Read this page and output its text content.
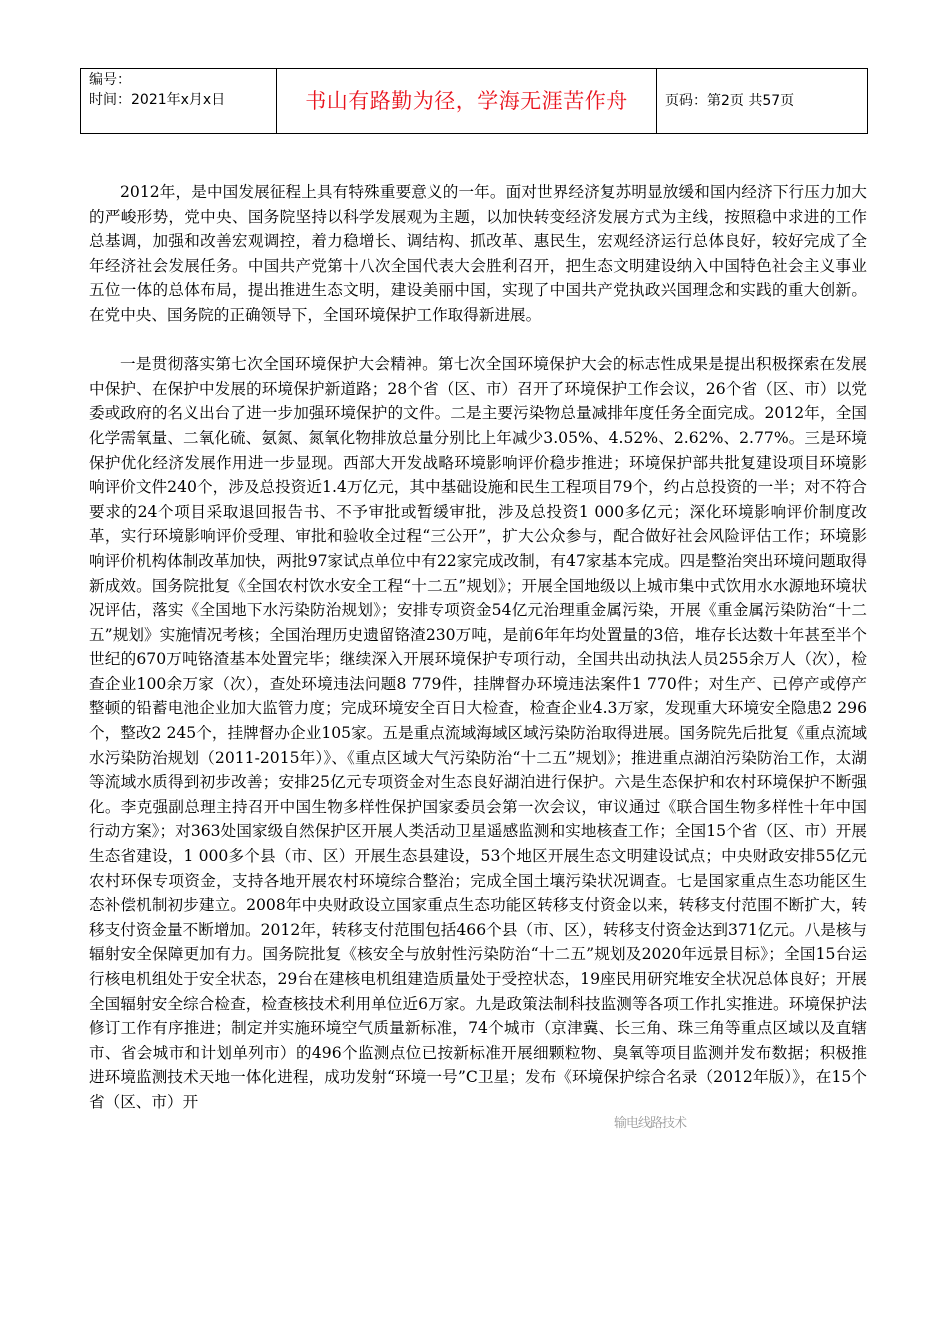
编号：
时间：2021年x月x日	书山有路勤为径，学海无涯苦作舟	页码：第2页 共57页

2012年，是中国发展征程上具有特殊重要意义的一年。面对世界经济复苏明显放缓和国内经济下行压力加大的严峻形势，党中央、国务院坚持以科学发展观为主题，以加快转变经济发展方式为主线，按照稳中求进的工作总基调，加强和改善宏观调控，着力稳增长、调结构、抓改革、惠民生，宏观经济运行总体良好，较好完成了全年经济社会发展任务。中国共产党第十八次全国代表大会胜利召开，把生态文明建设纳入中国特色社会主义事业五位一体的总体布局，提出推进生态文明，建设美丽中国，实现了中国共产党执政兴国理念和实践的重大创新。在党中央、国务院的正确领导下，全国环境保护工作取得新进展。

一是贯彻落实第七次全国环境保护大会精神。第七次全国环境保护大会的标志性成果是提出积极探索在发展中保护、在保护中发展的环境保护新道路；28个省（区、市）召开了环境保护工作会议，26个省（区、市）以党委或政府的名义出台了进一步加强环境保护的文件。二是主要污染物总量减排年度任务全面完成。2012年，全国化学需氧量、二氧化硫、氨氮、氮氧化物排放总量分别比上年减少3.05%、4.52%、2.62%、2.77%。三是环境保护优化经济发展作用进一步显现。西部大开发战略环境影响评价稳步推进；环境保护部共批复建设项目环境影响评价文件240个，涉及总投资近1.4万亿元，其中基础设施和民生工程项目79个，约占总投资的一半；对不符合要求的24个项目采取退回报告书、不予审批或暂缓审批，涉及总投资1 000多亿元；深化环境影响评价制度改革，实行环境影响评价受理、审批和验收全过程“三公开”，扩大公众参与，配合做好社会风险评估工作；环境影响评价机构体制改革加快，两批97家试点单位中有22家完成改制，有47家基本完成。四是整治突出环境问题取得新成效。国务院批复《全国农村饮水安全工程“十二五”规划》；开展全国地级以上城市集中式饮用水水源地环境状况评估，落实《全国地下水污染防治规划》；安排专项资金54亿元治理重金属污染，开展《重金属污染防治“十二五”规划》实施情况考核；全国治理历史遗留铬渣230万吨，是前6年年均处置量的3倍，堆存长达数十年甚至半个世纪的670万吨铬渣基本处置完毕；继续深入开展环境保护专项行动，全国共出动执法人员255余万人（次），检查企业100余万家（次），查处环境违法问题8 779件，挂牌督办环境违法案件1 770件；对生产、已停产或停产整顿的铅蓄电池企业加大监管力度；完成环境安全百日大检查，检查企业4.3万家，发现重大环境安全隐患2 296个，整改2 245个，挂牌督办企业105家。五是重点流域海域区域污染防治取得进展。国务院先后批复《重点流域水污染防治规划（2011-2015年）》、《重点区域大气污染防治“十二五”规划》；推进重点湖泊污染防治工作，太湖等流域水质得到初步改善；安排25亿元专项资金对生态良好湖泊进行保护。六是生态保护和农村环境保护不断强化。李克强副总理主持召开中国生物多样性保护国家委员会第一次会议，审议通过《联合国生物多样性十年中国行动方案》；对363处国家级自然保护区开展人类活动卫星遥感监测和实地核查工作；全国15个省（区、市）开展生态省建设，1 000多个县（市、区）开展生态县建设，53个地区开展生态文明建设试点；中央财政安排55亿元农村环保专项资金，支持各地开展农村环境综合整治；完成全国土壤污染状况调查。七是国家重点生态功能区生态补偿机制初步建立。2008年中央财政设立国家重点生态功能区转移支付资金以来，转移支付范围不断扩大，转移支付资金量不断增加。2012年，转移支付范围包括466个县（市、区），转移支付资金达到371亿元。八是核与辐射安全保障更加有力。国务院批复《核安全与放射性污染防治“十二五”规划及2020年远景目标》；全国15台运行核电机组处于安全状态，29台在建核电机组建造质量处于受控状态，19座民用研究堆安全状况总体良好；开展全国辐射安全综合检查，检查核技术利用单位近6万家。九是政策法制科技监测等各项工作扎实推进。环境保护法修订工作有序推进；制定并实施环境空气质量新标准，74个城市（京津冀、长三角、珠三角等重点区域以及直辖市、省会城市和计划单列市）的496个监测点位已按新标准开展细颗粒物、臭氧等项目监测并发布数据；积极推进环境监测技术天地一体化进程，成功发射“环境一号”C卫星；发布《环境保护综合名录（2012年版）》，在15个省（区、市）开

输电线路技术
